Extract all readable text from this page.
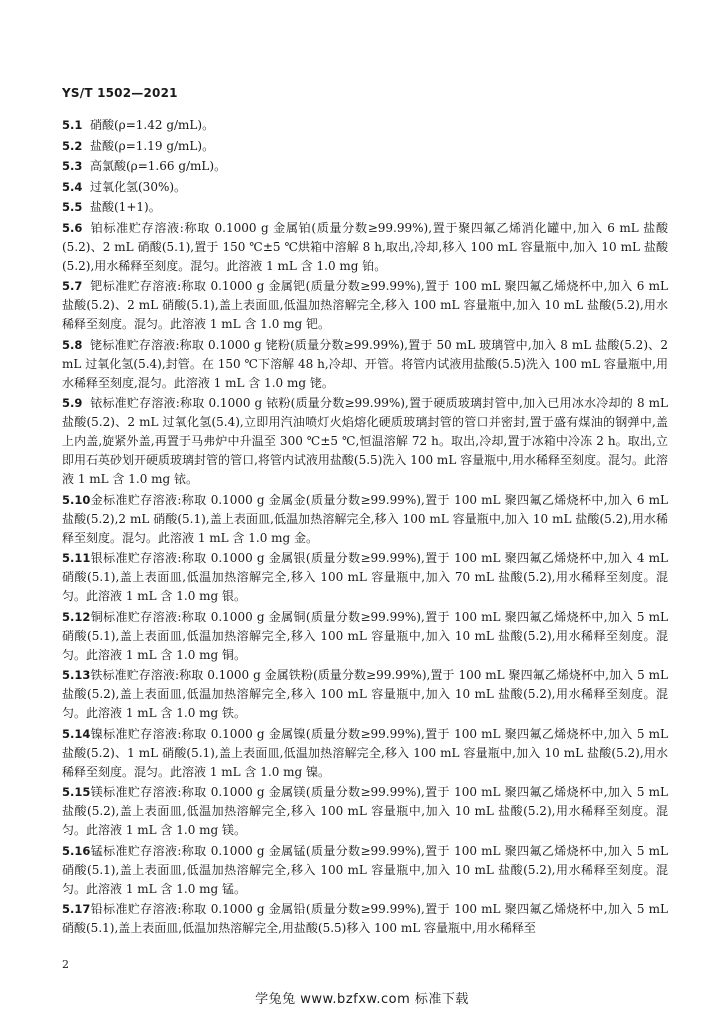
YS/T 1502—2021
5.1 硝酸(ρ=1.42 g/mL)。
5.2 盐酸(ρ=1.19 g/mL)。
5.3 高氯酸(ρ=1.66 g/mL)。
5.4 过氧化氢(30%)。
5.5 盐酸(1+1)。
5.6 铂标准贮存溶液:称取 0.1000 g 金属铂(质量分数≥99.99%),置于聚四氟乙烯消化罐中,加入 6 mL 盐酸(5.2)、2 mL 硝酸(5.1),置于 150 ℃±5 ℃烘箱中溶解 8 h,取出,冷却,移入 100 mL 容量瓶中,加入 10 mL 盐酸(5.2),用水稀释至刻度。混匀。此溶液 1 mL 含 1.0 mg 铂。
5.7 钯标准贮存溶液:称取 0.1000 g 金属钯(质量分数≥99.99%),置于 100 mL 聚四氟乙烯烧杯中,加入 6 mL 盐酸(5.2)、2 mL 硝酸(5.1),盖上表面皿,低温加热溶解完全,移入 100 mL 容量瓶中,加入 10 mL 盐酸(5.2),用水稀释至刻度。混匀。此溶液 1 mL 含 1.0 mg 钯。
5.8 铑标准贮存溶液:称取 0.1000 g 铑粉(质量分数≥99.99%),置于 50 mL 玻璃管中,加入 8 mL 盐酸(5.2)、2 mL 过氧化氢(5.4),封管。在 150 ℃下溶解 48 h,冷却、开管。将管内试液用盐酸(5.5)洗入 100 mL 容量瓶中,用水稀释至刻度,混匀。此溶液 1 mL 含 1.0 mg 铑。
5.9 铱标准贮存溶液:称取 0.1000 g 铱粉(质量分数≥99.99%),置于硬质玻璃封管中,加入已用冰水冷却的 8 mL 盐酸(5.2)、2 mL 过氧化氢(5.4),立即用汽油喷灯火焰熔化硬质玻璃封管的管口并密封,置于盛有煤油的钢弹中,盖上内盖,旋紧外盖,再置于马弗炉中升温至 300 ℃±5 ℃,恒温溶解 72 h。取出,冷却,置于冰箱中冷冻 2 h。取出,立即用石英砂划开硬质玻璃封管的管口,将管内试液用盐酸(5.5)洗入 100 mL 容量瓶中,用水稀释至刻度。混匀。此溶液 1 mL 含 1.0 mg 铱。
5.10金标准贮存溶液:称取 0.1000 g 金属金(质量分数≥99.99%),置于 100 mL 聚四氟乙烯烧杯中,加入 6 mL 盐酸(5.2),2 mL 硝酸(5.1),盖上表面皿,低温加热溶解完全,移入 100 mL 容量瓶中,加入 10 mL 盐酸(5.2),用水稀释至刻度。混匀。此溶液 1 mL 含 1.0 mg 金。
5.11银标准贮存溶液:称取 0.1000 g 金属银(质量分数≥99.99%),置于 100 mL 聚四氟乙烯烧杯中,加入 4 mL 硝酸(5.1),盖上表面皿,低温加热溶解完全,移入 100 mL 容量瓶中,加入 70 mL 盐酸(5.2),用水稀释至刻度。混匀。此溶液 1 mL 含 1.0 mg 银。
5.12铜标准贮存溶液:称取 0.1000 g 金属铜(质量分数≥99.99%),置于 100 mL 聚四氟乙烯烧杯中,加入 5 mL 硝酸(5.1),盖上表面皿,低温加热溶解完全,移入 100 mL 容量瓶中,加入 10 mL 盐酸(5.2),用水稀释至刻度。混匀。此溶液 1 mL 含 1.0 mg 铜。
5.13铁标准贮存溶液:称取 0.1000 g 金属铁粉(质量分数≥99.99%),置于 100 mL 聚四氟乙烯烧杯中,加入 5 mL 盐酸(5.2),盖上表面皿,低温加热溶解完全,移入 100 mL 容量瓶中,加入 10 mL 盐酸(5.2),用水稀释至刻度。混匀。此溶液 1 mL 含 1.0 mg 铁。
5.14镍标准贮存溶液:称取 0.1000 g 金属镍(质量分数≥99.99%),置于 100 mL 聚四氟乙烯烧杯中,加入 5 mL 盐酸(5.2)、1 mL 硝酸(5.1),盖上表面皿,低温加热溶解完全,移入 100 mL 容量瓶中,加入 10 mL 盐酸(5.2),用水稀释至刻度。混匀。此溶液 1 mL 含 1.0 mg 镍。
5.15镁标准贮存溶液:称取 0.1000 g 金属镁(质量分数≥99.99%),置于 100 mL 聚四氟乙烯烧杯中,加入 5 mL 盐酸(5.2),盖上表面皿,低温加热溶解完全,移入 100 mL 容量瓶中,加入 10 mL 盐酸(5.2),用水稀释至刻度。混匀。此溶液 1 mL 含 1.0 mg 镁。
5.16锰标准贮存溶液:称取 0.1000 g 金属锰(质量分数≥99.99%),置于 100 mL 聚四氟乙烯烧杯中,加入 5 mL 硝酸(5.1),盖上表面皿,低温加热溶解完全,移入 100 mL 容量瓶中,加入 10 mL 盐酸(5.2),用水稀释至刻度。混匀。此溶液 1 mL 含 1.0 mg 锰。
5.17铅标准贮存溶液:称取 0.1000 g 金属铅(质量分数≥99.99%),置于 100 mL 聚四氟乙烯烧杯中,加入 5 mL 硝酸(5.1),盖上表面皿,低温加热溶解完全,用盐酸(5.5)移入 100 mL 容量瓶中,用水稀释至
2
学兔兔 www.bzfxw.com 标准下载
